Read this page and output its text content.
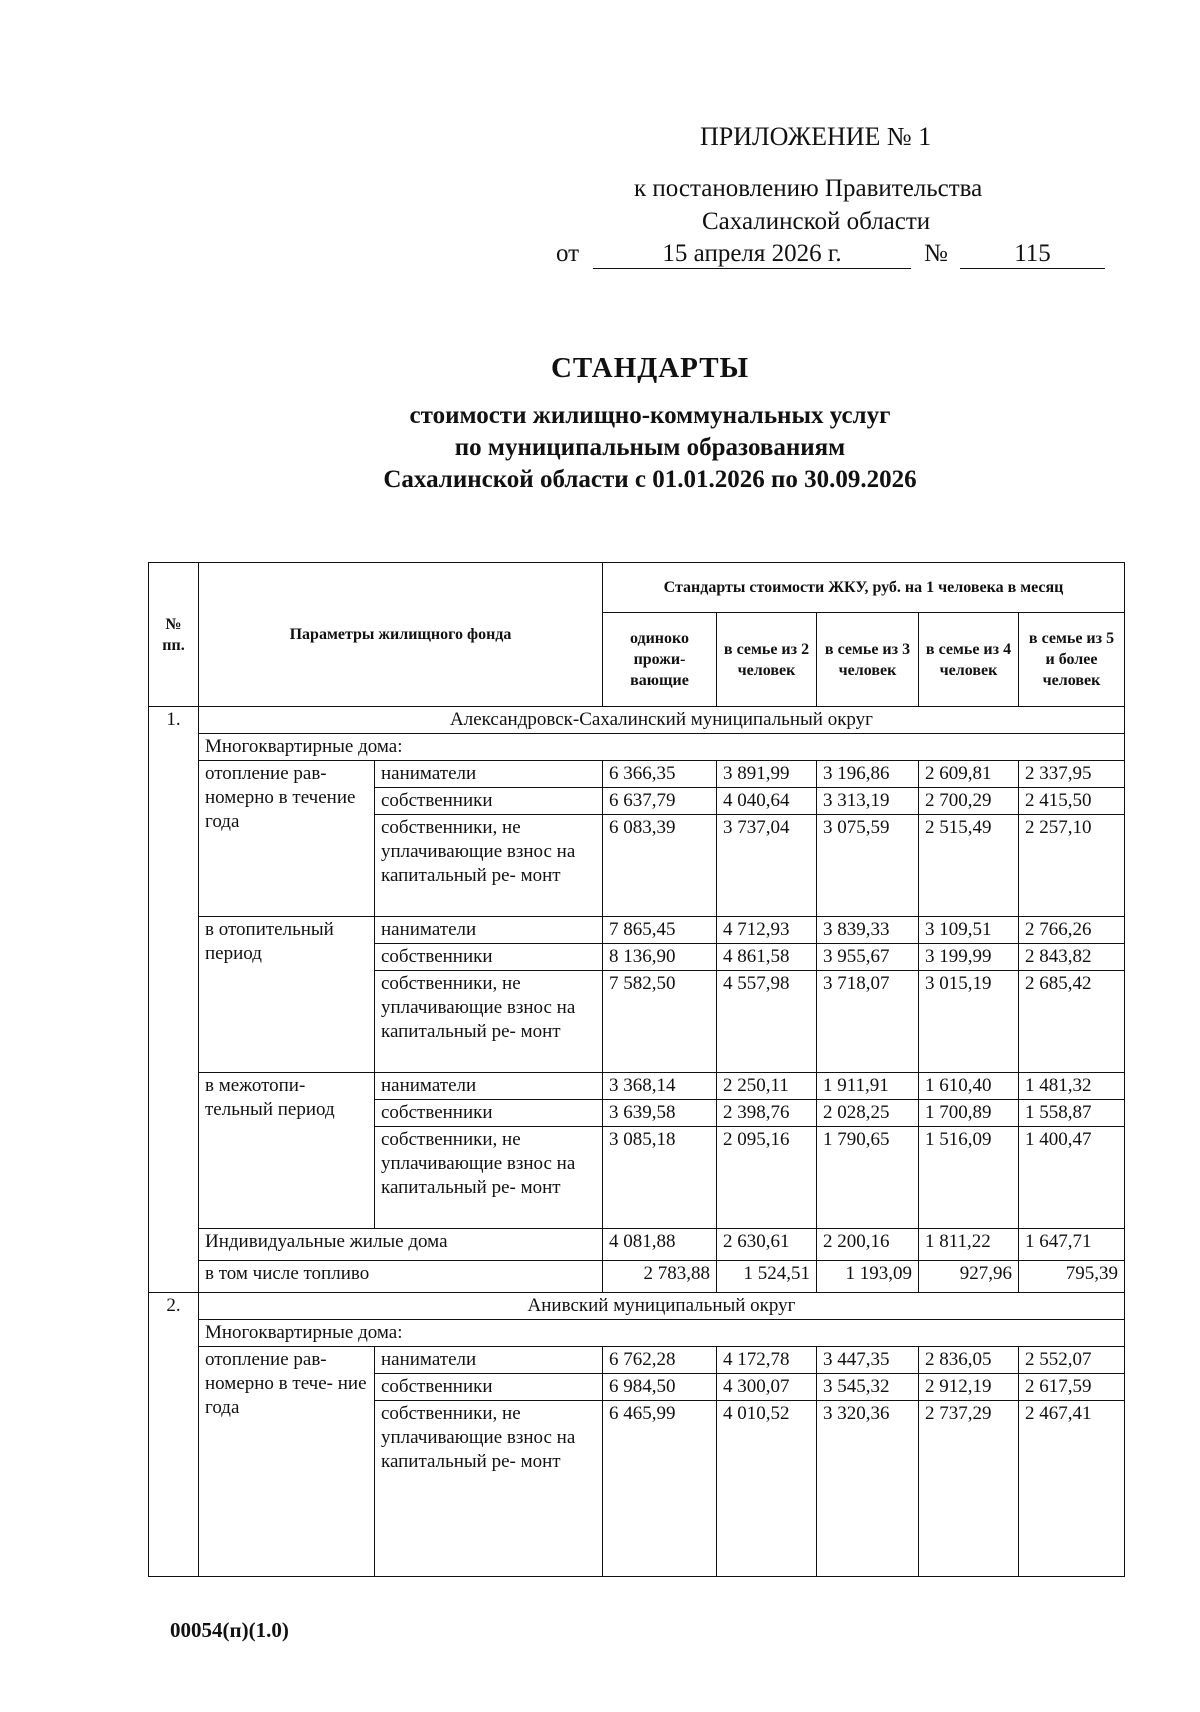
ПРИЛОЖЕНИЕ № 1
к постановлению Правительства
Сахалинской области
от	15 апреля 2026 г.	№	115
СТАНДАРТЫ
стоимости жилищно-коммунальных услуг
по муниципальным образованиям
Сахалинской области с 01.01.2026 по 30.09.2026
№ пп.	Параметры жилищного фонда		Стандарты стоимости ЖКУ, руб. на 1 человека в месяц				
			одиноко прожи- вающие	в семье из 2 человек	в семье из 3 человек	в семье из 4 человек	в семье из 5 и более человек
1.	Александровск-Сахалинский муниципальный округ						
	Многоквартирные дома:						
	отопление рав- номерно в течение года	наниматели	6 366,35	3 891,99	3 196,86	2 609,81	2 337,95
		собственники	6 637,79	4 040,64	3 313,19	2 700,29	2 415,50
		собственники, не уплачивающие взнос на капитальный ре- монт	6 083,39	3 737,04	3 075,59	2 515,49	2 257,10
	в отопительный период	наниматели	7 865,45	4 712,93	3 839,33	3 109,51	2 766,26
		собственники	8 136,90	4 861,58	3 955,67	3 199,99	2 843,82
		собственники, не уплачивающие взнос на капитальный ре- монт	7 582,50	4 557,98	3 718,07	3 015,19	2 685,42
	в межотопи- тельный период	наниматели	3 368,14	2 250,11	1 911,91	1 610,40	1 481,32
		собственники	3 639,58	2 398,76	2 028,25	1 700,89	1 558,87
		собственники, не уплачивающие взнос на капитальный ре- монт	3 085,18	2 095,16	1 790,65	1 516,09	1 400,47
	Индивидуальные жилые дома		4 081,88	2 630,61	2 200,16	1 811,22	1 647,71
	в том числе топливо		2 783,88	1 524,51	1 193,09	927,96	795,39
2.	Анивский муниципальный округ						
	Многоквартирные дома:						
	отопление рав- номерно в тече- ние года	наниматели	6 762,28	4 172,78	3 447,35	2 836,05	2 552,07
		собственники	6 984,50	4 300,07	3 545,32	2 912,19	2 617,59
		собственники, не уплачивающие взнос на капитальный ре- монт	6 465,99	4 010,52	3 320,36	2 737,29	2 467,41
00054(п)(1.0)
